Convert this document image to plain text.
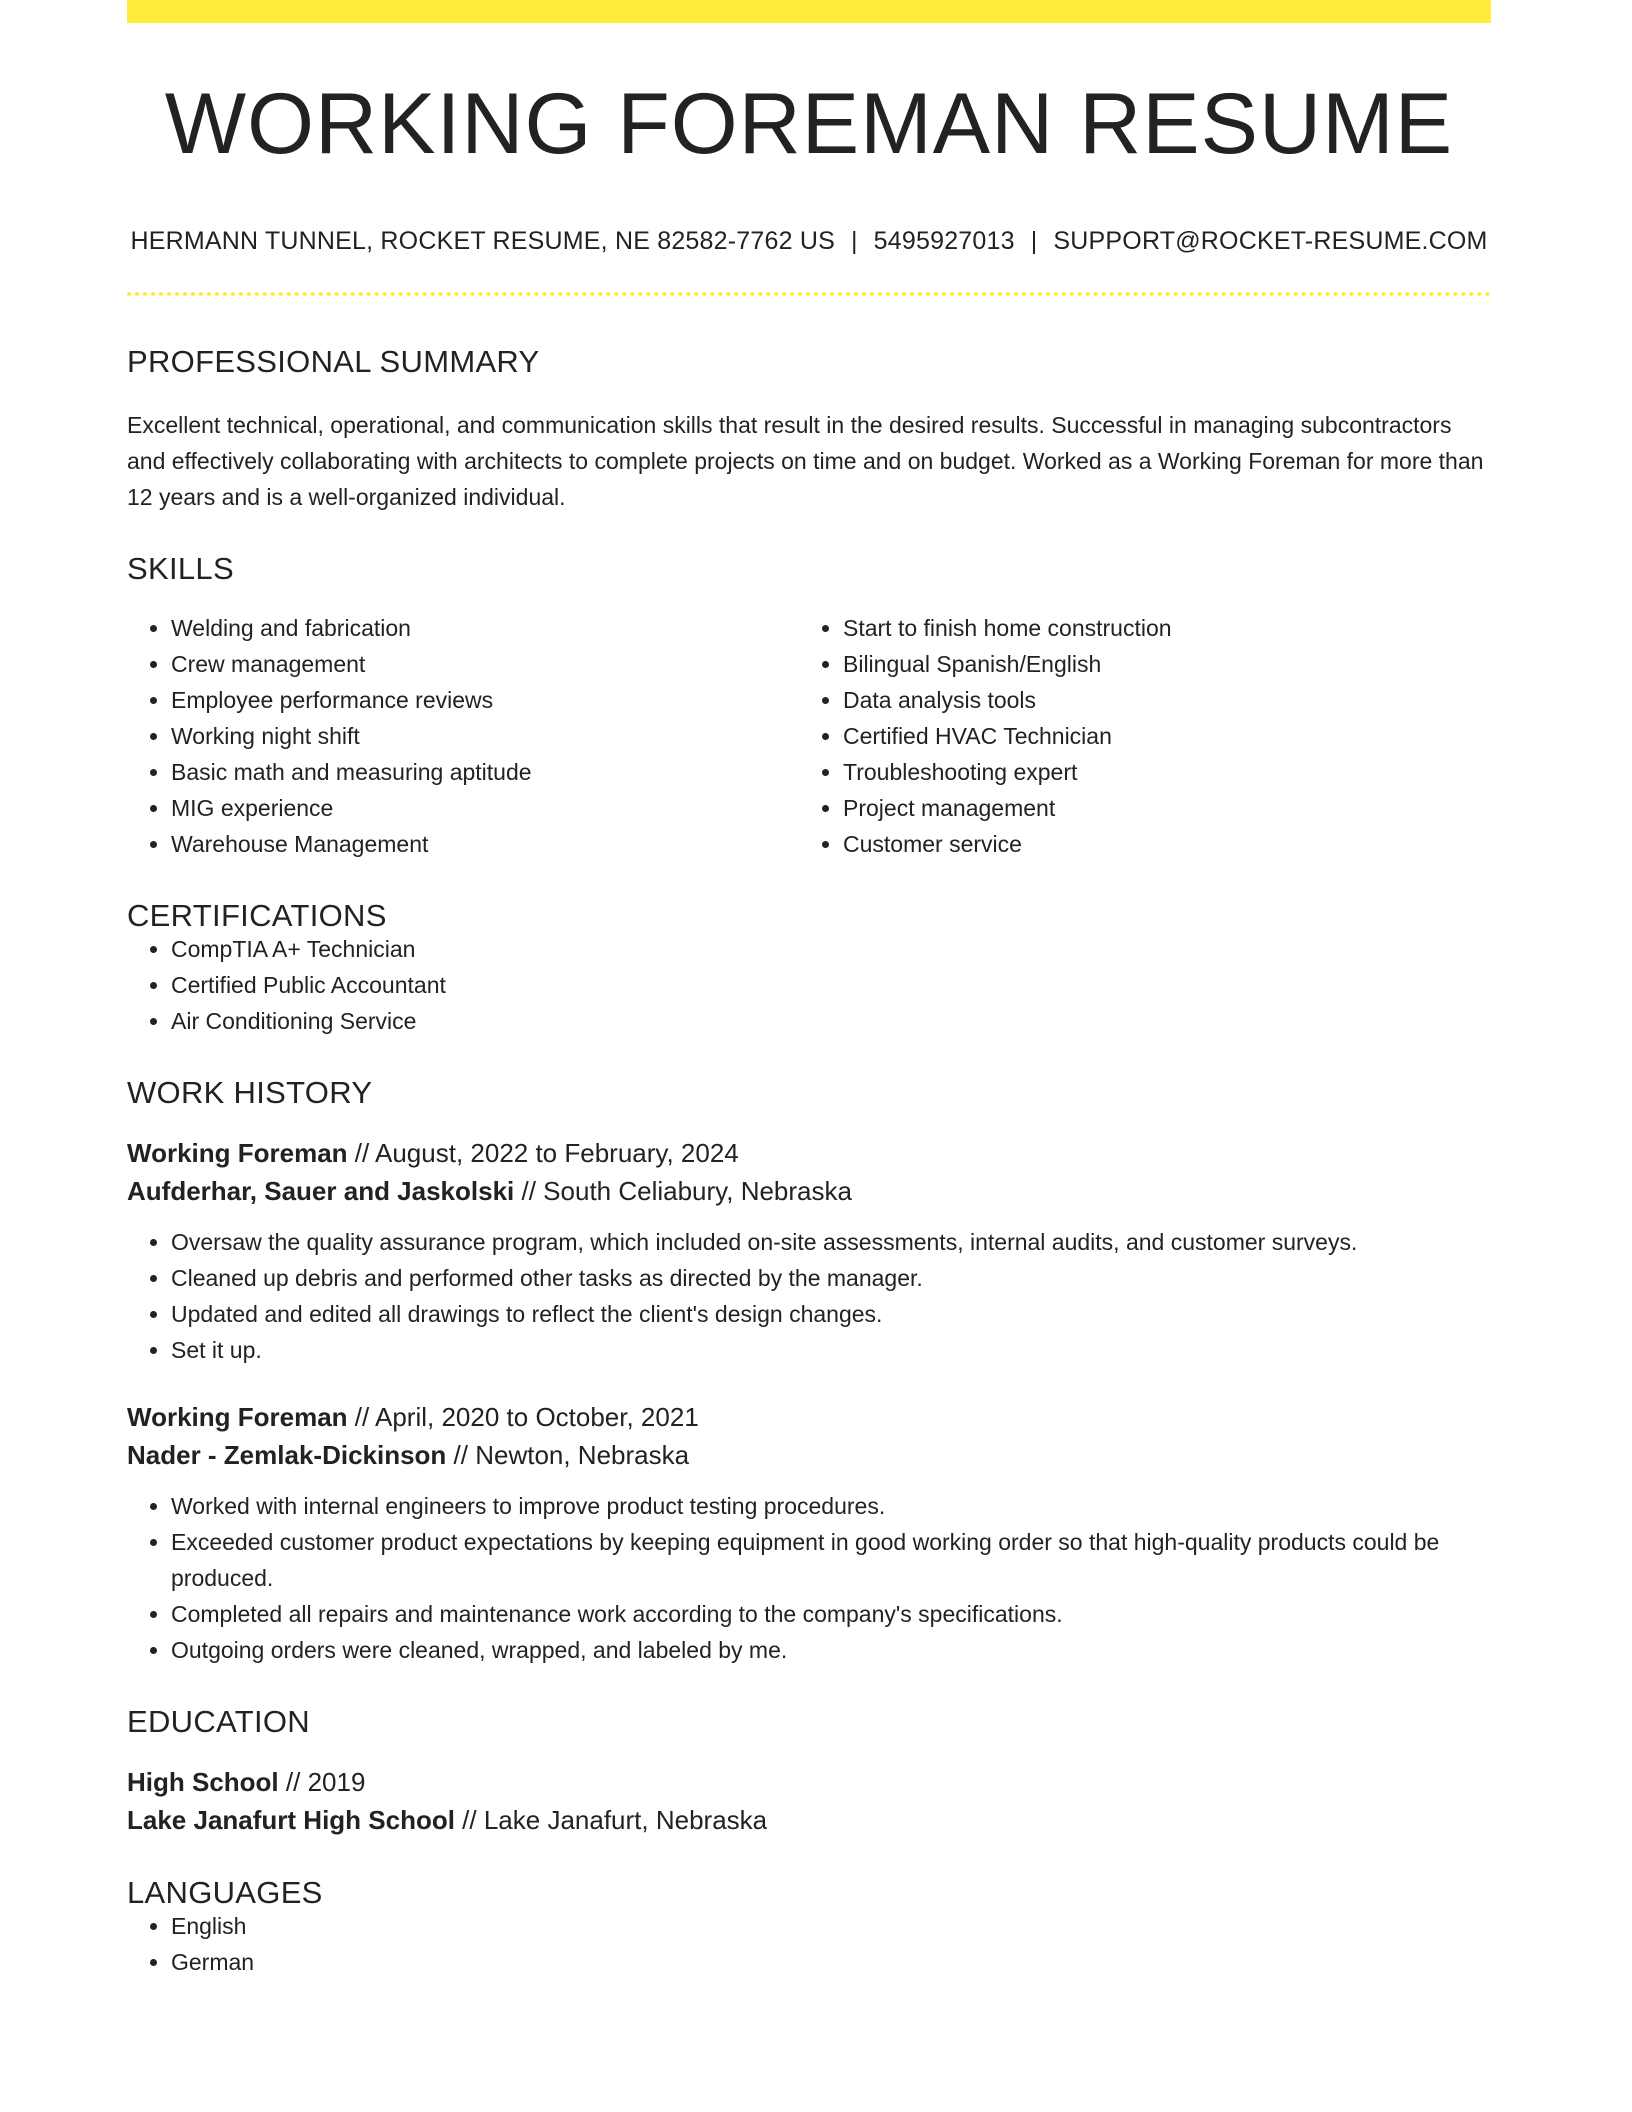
WORKING FOREMAN RESUME
HERMANN TUNNEL, ROCKET RESUME, NE 82582-7762 US | 5495927013 | SUPPORT@ROCKET-RESUME.COM
PROFESSIONAL SUMMARY

Excellent technical, operational, and communication skills that result in the desired results. Successful in managing subcontractors and effectively collaborating with architects to complete projects on time and on budget. Worked as a Working Foreman for more than 12 years and is a well-organized individual.

SKILLS
• Welding and fabrication
• Crew management
• Employee performance reviews
• Working night shift
• Basic math and measuring aptitude
• MIG experience
• Warehouse Management
• Start to finish home construction
• Bilingual Spanish/English
• Data analysis tools
• Certified HVAC Technician
• Troubleshooting expert
• Project management
• Customer service
CERTIFICATIONS
• CompTIA A+ Technician
• Certified Public Accountant
• Air Conditioning Service
WORK HISTORY
Working Foreman // August, 2022 to February, 2024
Aufderhar, Sauer and Jaskolski // South Celiabury, Nebraska
• Oversaw the quality assurance program, which included on-site assessments, internal audits, and customer surveys.
• Cleaned up debris and performed other tasks as directed by the manager.
• Updated and edited all drawings to reflect the client's design changes.
• Set it up.
Working Foreman // April, 2020 to October, 2021
Nader - Zemlak-Dickinson // Newton, Nebraska
• Worked with internal engineers to improve product testing procedures.
• Exceeded customer product expectations by keeping equipment in good working order so that high-quality products could be produced.
• Completed all repairs and maintenance work according to the company's specifications.
• Outgoing orders were cleaned, wrapped, and labeled by me.
EDUCATION
High School // 2019
Lake Janafurt High School // Lake Janafurt, Nebraska
LANGUAGES
• English
• German
